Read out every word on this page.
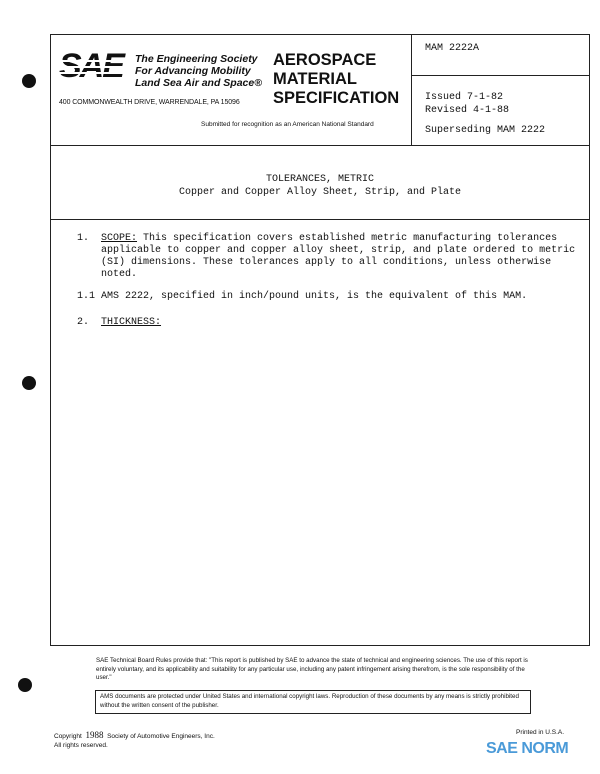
The Engineering Society For Advancing Mobility Land Sea Air and Space®
400 COMMONWEALTH DRIVE, WARRENDALE, PA 15096
AEROSPACE
MATERIAL
SPECIFICATION
Submitted for recognition as an American National Standard
MAM 2222A
Issued 7-1-82
Revised 4-1-88
Superseding MAM 2222
TOLERANCES, METRIC
Copper and Copper Alloy Sheet, Strip, and Plate
1. SCOPE: This specification covers established metric manufacturing tolerances applicable to copper and copper alloy sheet, strip, and plate ordered to metric (SI) dimensions. These tolerances apply to all conditions, unless otherwise noted.
1.1 AMS 2222, specified in inch/pound units, is the equivalent of this MAM.
2. THICKNESS:
SAE Technical Board Rules provide that: "This report is published by SAE to advance the state of technical and engineering sciences. The use of this report is entirely voluntary, and its applicability and suitability for any particular use, including any patent infringement arising therefrom, is the sole responsibility of the user."
AMS documents are protected under United States and international copyright laws. Reproduction of these documents by any means is strictly prohibited without the written consent of the publisher.
Copyright 1988 Society of Automotive Engineers, Inc.
All rights reserved.
Printed in U.S.A.
SAE NORM
